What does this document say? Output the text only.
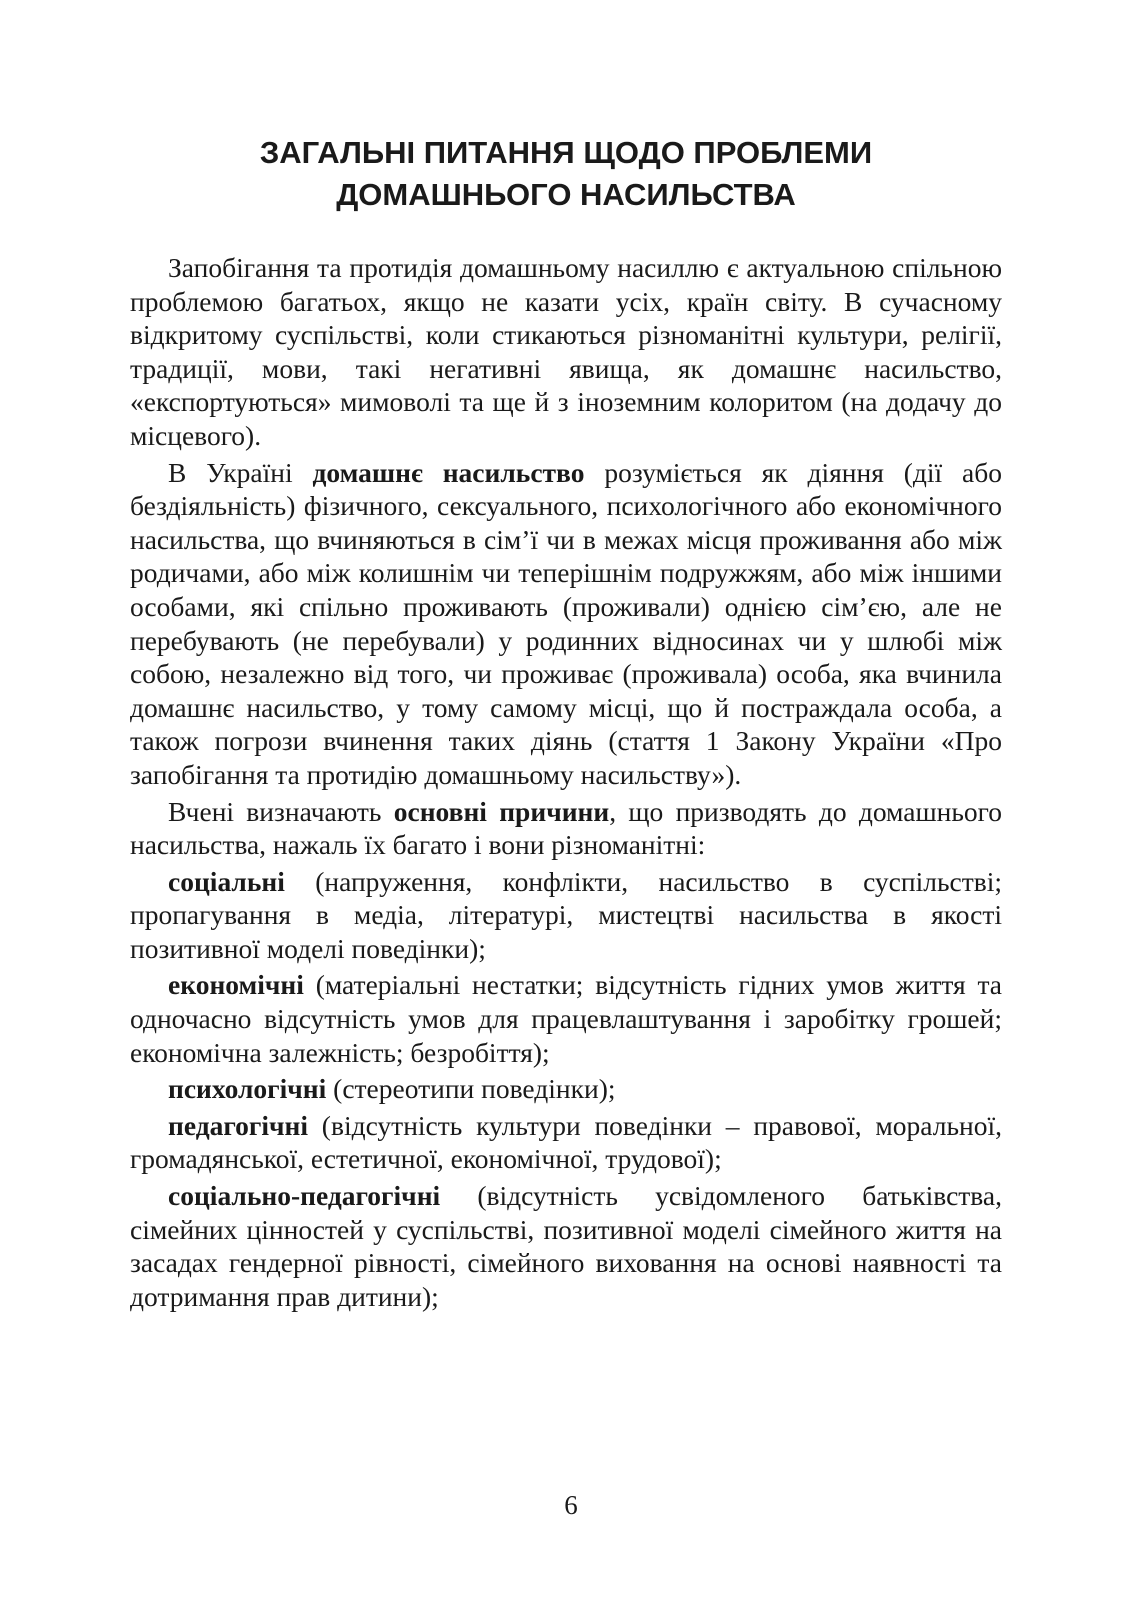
ЗАГАЛЬНІ ПИТАННЯ ЩОДО ПРОБЛЕМИ
ДОМАШНЬОГО НАСИЛЬСТВА

Запобігання та протидія домашньому насиллю є актуальною спільною проблемою багатьох, якщо не казати усіх, країн світу. В сучасному відкритому суспільстві, коли стикаються різноманітні культури, релігії, традиції, мови, такі негативні явища, як домашнє насильство, «експортуються» мимоволі та ще й з іноземним колоритом (на додачу до місцевого).

В Україні домашнє насильство розуміється як діяння (дії або бездіяльність) фізичного, сексуального, психологічного або економічного насильства, що вчиняються в сім’ї чи в межах місця проживання або між родичами, або між колишнім чи теперішнім подружжям, або між іншими особами, які спільно проживають (проживали) однією сім’єю, але не перебувають (не перебували) у родинних відносинах чи у шлюбі між собою, незалежно від того, чи проживає (проживала) особа, яка вчинила домашнє насильство, у тому самому місці, що й постраждала особа, а також погрози вчинення таких діянь (стаття 1 Закону України «Про запобігання та протидію домашньому насильству»).

Вчені визначають основні причини, що призводять до домашнього насильства, нажаль їх багато і вони різноманітні:

соціальні (напруження, конфлікти, насильство в суспільстві; пропагування в медіа, літературі, мистецтві насильства в якості позитивної моделі поведінки);

економічні (матеріальні нестатки; відсутність гідних умов життя та одночасно відсутність умов для працевлаштування і заробітку грошей; економічна залежність; безробіття);

психологічні (стереотипи поведінки);

педагогічні (відсутність культури поведінки – правової, моральної, громадянської, естетичної, економічної, трудової);

соціально-педагогічні (відсутність усвідомленого батьківства, сімейних цінностей у суспільстві, позитивної моделі сімейного життя на засадах гендерної рівності, сімейного виховання на основі наявності та дотримання прав дитини);

6
